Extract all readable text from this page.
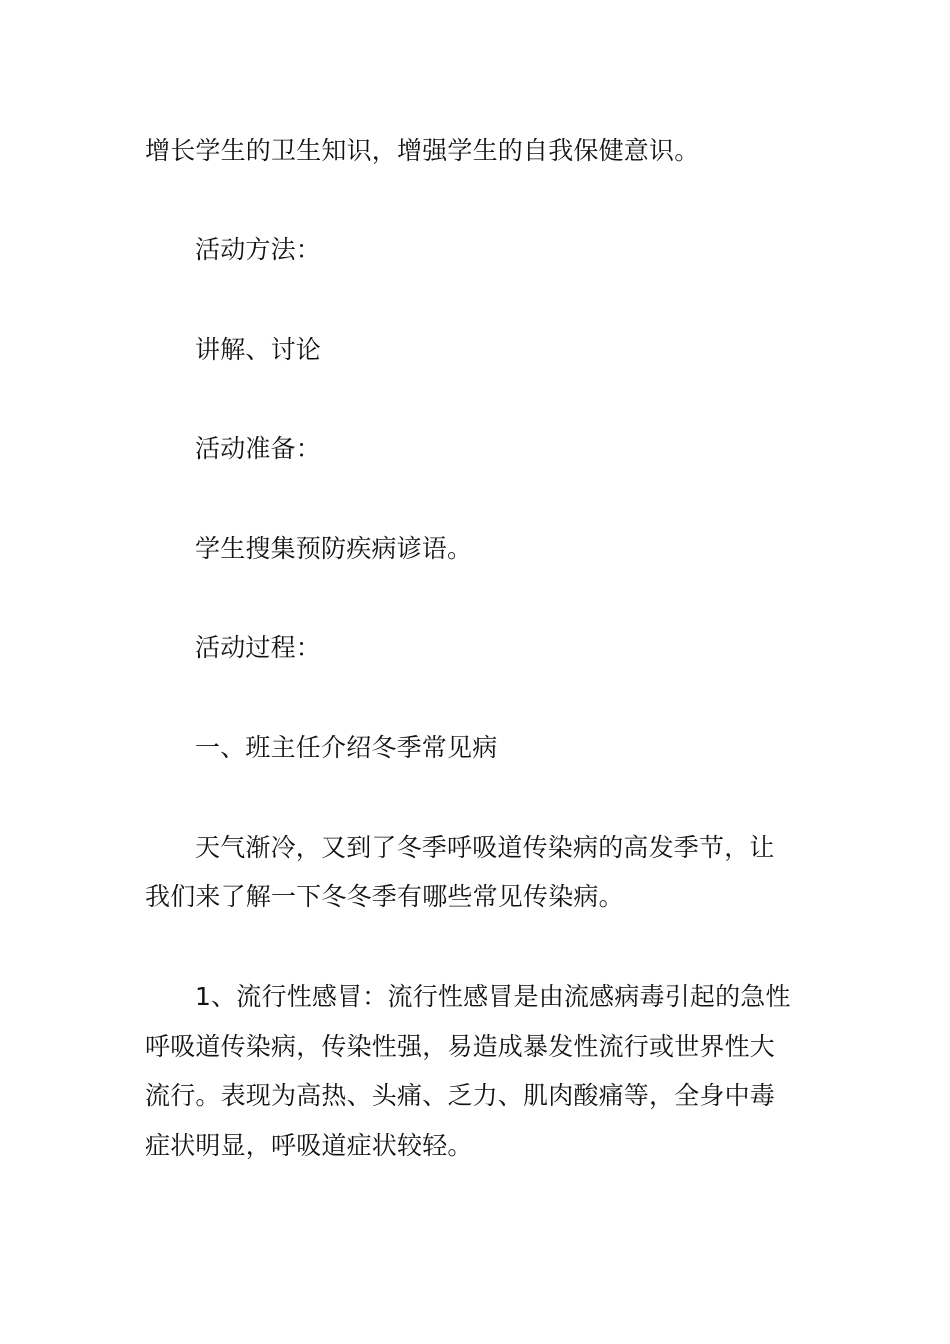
增长学生的卫生知识，增强学生的自我保健意识。
活动方法：
讲解、讨论
活动准备：
学生搜集预防疾病谚语。
活动过程：
一、班主任介绍冬季常见病
天气渐冷，又到了冬季呼吸道传染病的高发季节，让
我们来了解一下冬冬季有哪些常见传染病。
1、流行性感冒：流行性感冒是由流感病毒引起的急性
呼吸道传染病，传染性强，易造成暴发性流行或世界性大
流行。表现为高热、头痛、乏力、肌肉酸痛等，全身中毒
症状明显，呼吸道症状较轻。
